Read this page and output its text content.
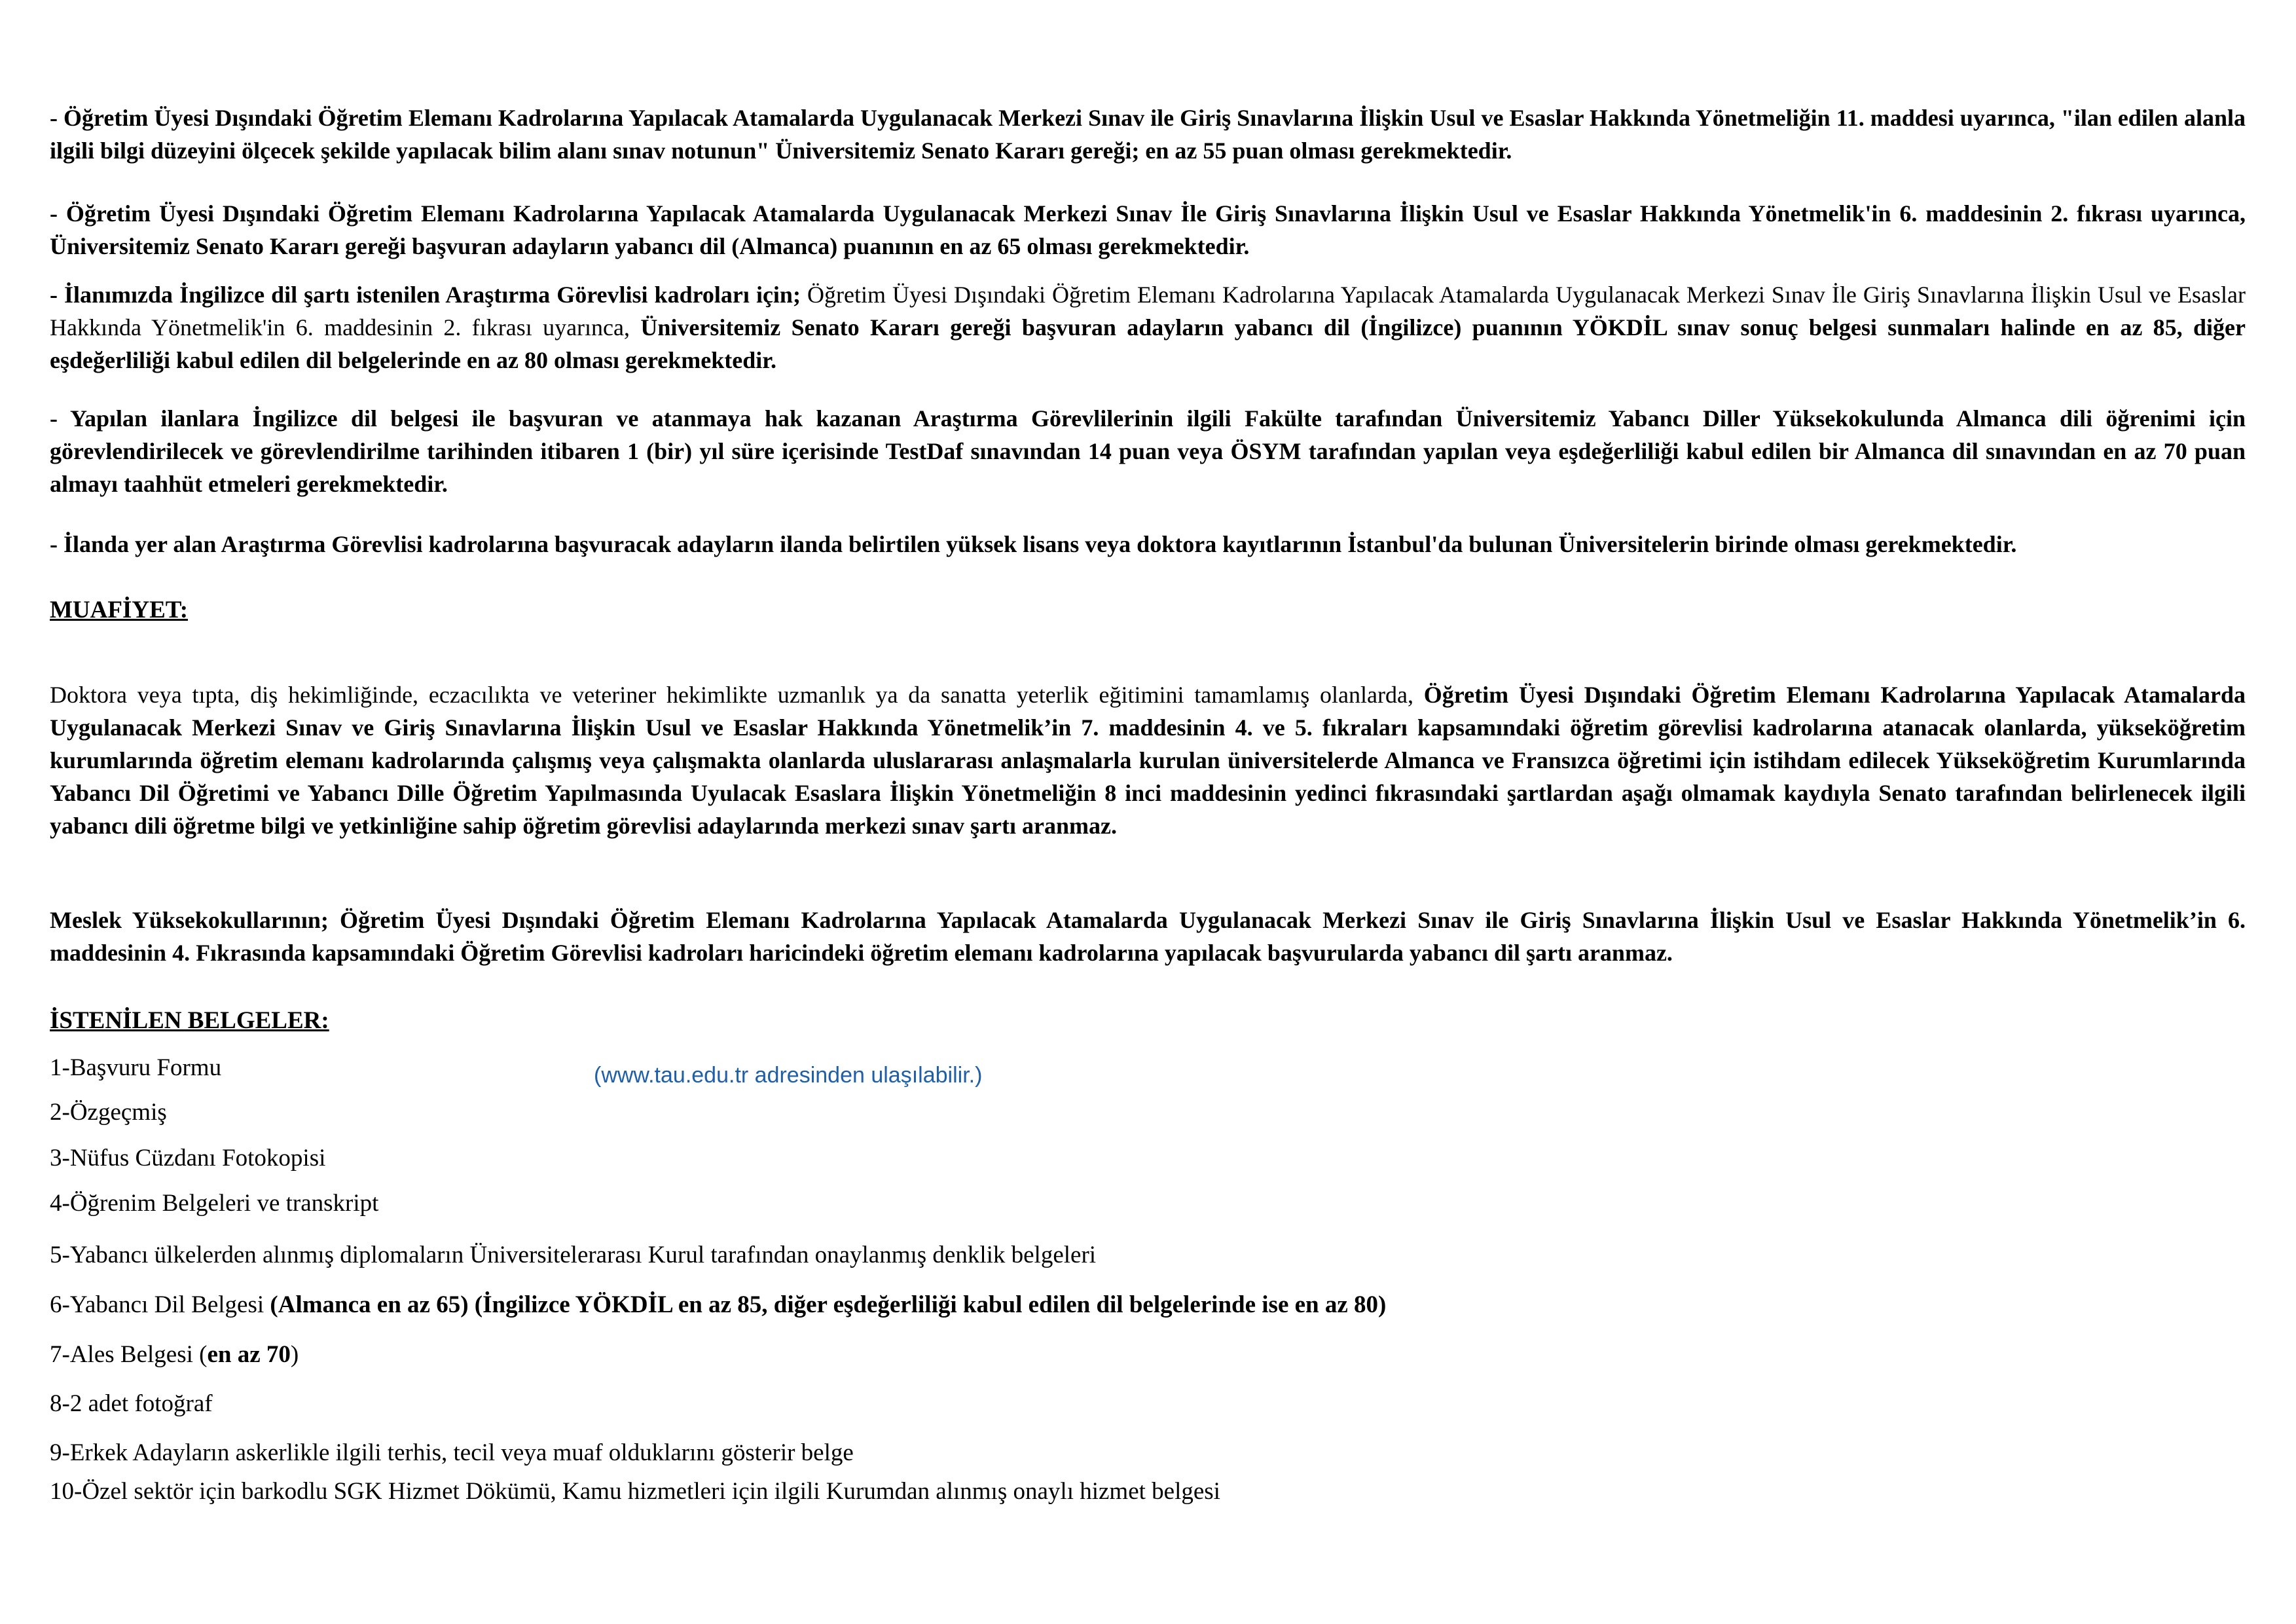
- Öğretim Üyesi Dışındaki Öğretim Elemanı Kadrolarına Yapılacak Atamalarda Uygulanacak Merkezi Sınav ile Giriş Sınavlarına İlişkin Usul ve Esaslar Hakkında Yönetmeliğin 11. maddesi uyarınca, "ilan edilen alanla ilgili bilgi düzeyini ölçecek şekilde yapılacak bilim alanı sınav notunun" Üniversitemiz Senato Kararı gereği; en az 55 puan olması gerekmektedir.

- Öğretim Üyesi Dışındaki Öğretim Elemanı Kadrolarına Yapılacak Atamalarda Uygulanacak Merkezi Sınav İle Giriş Sınavlarına İlişkin Usul ve Esaslar Hakkında Yönetmelik'in 6. maddesinin 2. fıkrası uyarınca, Üniversitemiz Senato Kararı gereği başvuran adayların yabancı dil (Almanca) puanının en az 65 olması gerekmektedir.

- İlanımızda İngilizce dil şartı istenilen Araştırma Görevlisi kadroları için; Öğretim Üyesi Dışındaki Öğretim Elemanı Kadrolarına Yapılacak Atamalarda Uygulanacak Merkezi Sınav İle Giriş Sınavlarına İlişkin Usul ve Esaslar Hakkında Yönetmelik'in 6. maddesinin 2. fıkrası uyarınca, Üniversitemiz Senato Kararı gereği başvuran adayların yabancı dil (İngilizce) puanının YÖKDİL sınav sonuç belgesi sunmaları halinde en az 85, diğer eşdeğerliliği kabul edilen dil belgelerinde en az 80 olması gerekmektedir.

- Yapılan ilanlara İngilizce dil belgesi ile başvuran ve atanmaya hak kazanan Araştırma Görevlilerinin ilgili Fakülte tarafından Üniversitemiz Yabancı Diller Yüksekokulunda Almanca dili öğrenimi için görevlendirilecek ve görevlendirilme tarihinden itibaren 1 (bir) yıl süre içerisinde TestDaf sınavından 14 puan veya ÖSYM tarafından yapılan veya eşdeğerliliği kabul edilen bir Almanca dil sınavından en az 70 puan almayı taahhüt etmeleri gerekmektedir.

- İlanda yer alan Araştırma Görevlisi kadrolarına başvuracak adayların ilanda belirtilen yüksek lisans veya doktora kayıtlarının İstanbul'da bulunan Üniversitelerin birinde olması gerekmektedir.

MUAFİYET:

Doktora veya tıpta, diş hekimliğinde, eczacılıkta ve veteriner hekimlikte uzmanlık ya da sanatta yeterlik eğitimini tamamlamış olanlarda, Öğretim Üyesi Dışındaki Öğretim Elemanı Kadrolarına Yapılacak Atamalarda Uygulanacak Merkezi Sınav ve Giriş Sınavlarına İlişkin Usul ve Esaslar Hakkında Yönetmelik’in 7. maddesinin 4. ve 5. fıkraları kapsamındaki öğretim görevlisi kadrolarına atanacak olanlarda, yükseköğretim kurumlarında öğretim elemanı kadrolarında çalışmış veya çalışmakta olanlarda uluslararası anlaşmalarla kurulan üniversitelerde Almanca ve Fransızca öğretimi için istihdam edilecek Yükseköğretim Kurumlarında Yabancı Dil Öğretimi ve Yabancı Dille Öğretim Yapılmasında Uyulacak Esaslara İlişkin Yönetmeliğin 8 inci maddesinin yedinci fıkrasındaki şartlardan aşağı olmamak kaydıyla Senato tarafından belirlenecek ilgili yabancı dili öğretme bilgi ve yetkinliğine sahip öğretim görevlisi adaylarında merkezi sınav şartı aranmaz.

Meslek Yüksekokullarının; Öğretim Üyesi Dışındaki Öğretim Elemanı Kadrolarına Yapılacak Atamalarda Uygulanacak Merkezi Sınav ile Giriş Sınavlarına İlişkin Usul ve Esaslar Hakkında Yönetmelik’in 6. maddesinin 4. Fıkrasında kapsamındaki Öğretim Görevlisi kadroları haricindeki öğretim elemanı kadrolarına yapılacak başvurularda yabancı dil şartı aranmaz.

İSTENİLEN BELGELER:

1-Başvuru Formu	(www.tau.edu.tr adresinden ulaşılabilir.)

2-Özgeçmiş

3-Nüfus Cüzdanı Fotokopisi

4-Öğrenim Belgeleri ve transkript

5-Yabancı ülkelerden alınmış diplomaların Üniversitelerarası Kurul tarafından onaylanmış denklik belgeleri

6-Yabancı Dil Belgesi (Almanca en az 65) (İngilizce YÖKDİL en az 85, diğer eşdeğerliliği kabul edilen dil belgelerinde ise en az 80)

7-Ales Belgesi (en az 70)

8-2 adet fotoğraf

9-Erkek Adayların askerlikle ilgili terhis, tecil veya muaf olduklarını gösterir belge

10-Özel sektör için barkodlu SGK Hizmet Dökümü, Kamu hizmetleri için ilgili Kurumdan alınmış onaylı hizmet belgesi
